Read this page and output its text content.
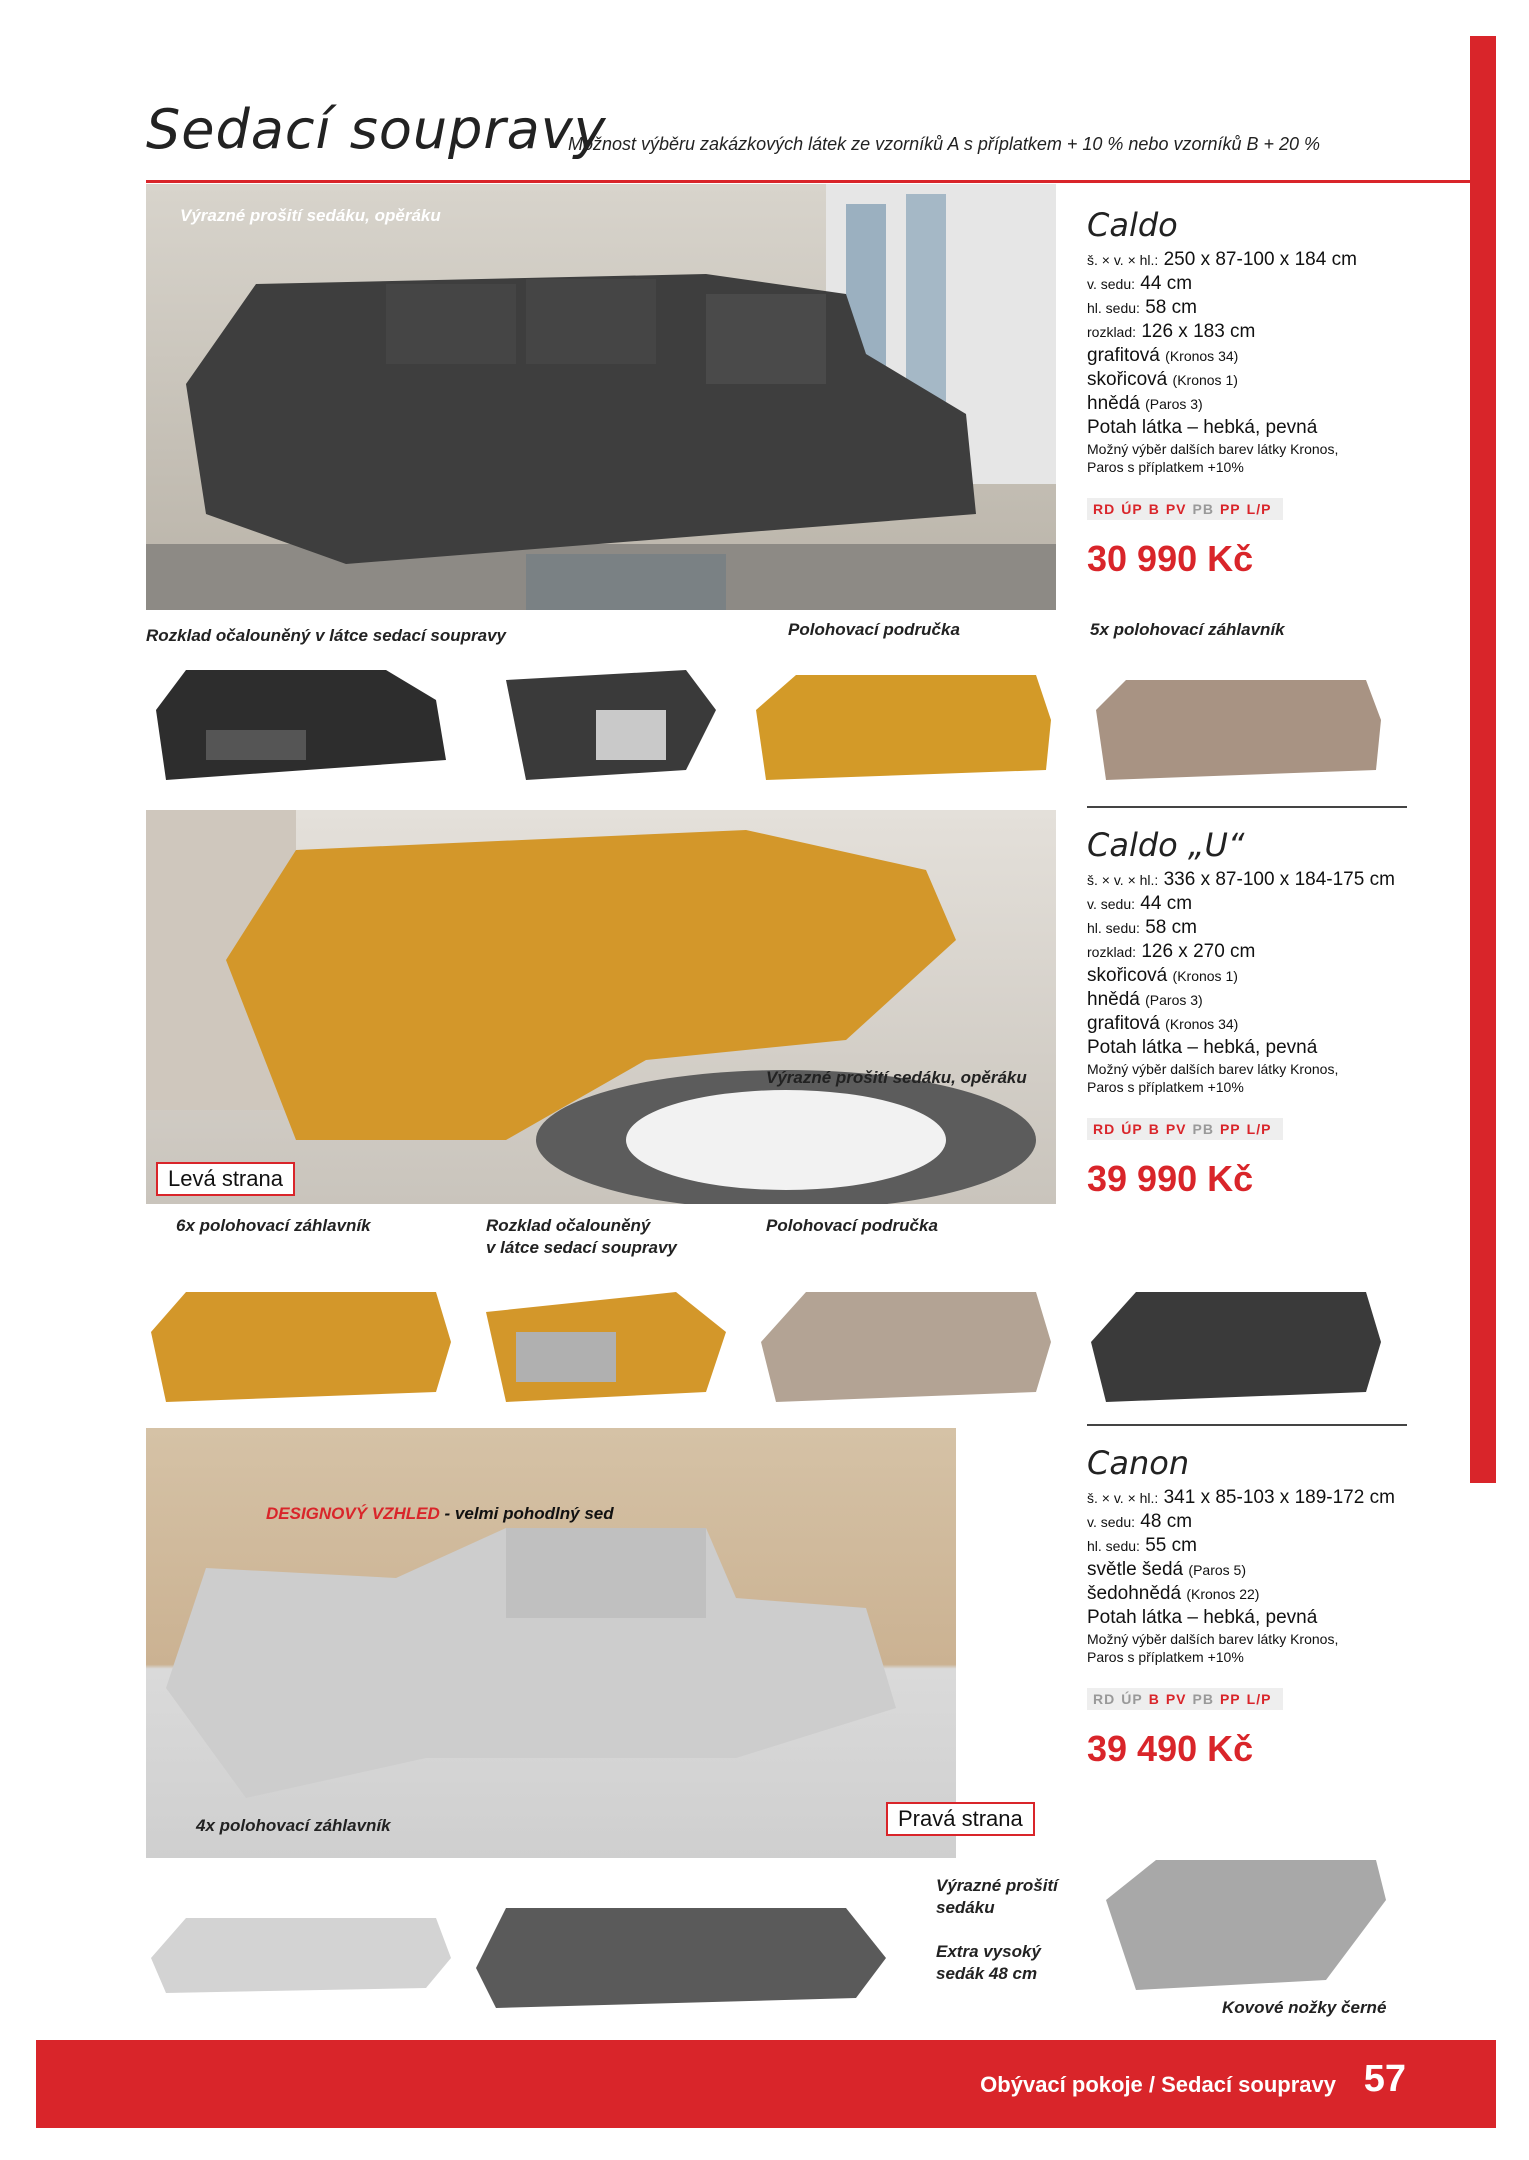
Sedací soupravy
Možnost výběru zakázkových látek ze vzorníků A s příplatkem + 10 % nebo vzorníků B + 20 %
Výrazné prošití sedáku, opěráku	Caldo
š. × v. × hl.: 250 x 87-100 x 184 cm
v. sedu: 44 cm
hl. sedu: 58 cm
rozklad: 126 x 183 cm
grafitová (Kronos 34)
skořicová (Kronos 1)
hnědá (Paros 3)
Potah látka – hebká, pevná
Možný výběr dalších barev látky Kronos,
Paros s příplatkem +10%
RD ÚP B PV PB PP L/P
30 990 Kč
Rozklad očalouněný v látce sedací soupravy	Polohovací područka	5x polohovací záhlavník
Výrazné prošití sedáku, opěráku
Levá strana
Caldo „U“
š. × v. × hl.: 336 x 87-100 x 184-175 cm
v. sedu: 44 cm
hl. sedu: 58 cm
rozklad: 126 x 270 cm
skořicová (Kronos 1)
hnědá (Paros 3)
grafitová (Kronos 34)
Potah látka – hebká, pevná
Možný výběr dalších barev látky Kronos,
Paros s příplatkem +10%
RD ÚP B PV PB PP L/P
39 990 Kč
6x polohovací záhlavník	Rozklad očalouněný
v látce sedací soupravy
Polohovací područka
DESIGNOVÝ VZHLED - velmi pohodlný sed
4x polohovací záhlavník	Pravá strana
Canon
š. × v. × hl.: 341 x 85-103 x 189-172 cm
v. sedu: 48 cm
hl. sedu: 55 cm
světle šedá (Paros 5)
šedohnědá (Kronos 22)
Potah látka – hebká, pevná
Možný výběr dalších barev látky Kronos,
Paros s příplatkem +10%
RD ÚP B PV PB PP L/P
39 490 Kč
Výrazné prošití
sedáku
Extra vysoký
sedák 48 cm
Kovové nožky černé
Obývací pokoje / Sedací soupravy 57
